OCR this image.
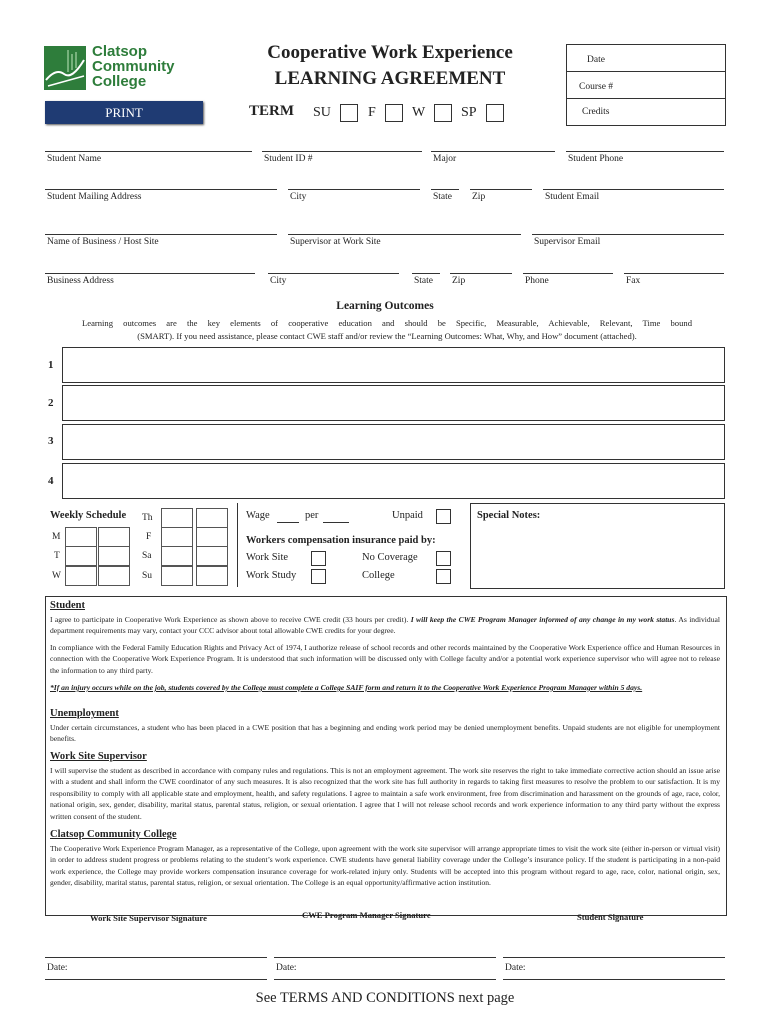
Clatsop
Community
College
PRINT
Cooperative Work Experience
LEARNING AGREEMENT
TERM SU	F	W	SP
Date
Course #
Credits
Student Name	Student ID #	Major	Student Phone
Student Mailing Address	City	State Zip	Student Email
Name of Business / Host Site	Supervisor at Work Site	Supervisor Email
Business Address	City	State Zip	Phone	Fax
Learning Outcomes
Learning outcomes are the key elements of cooperative education and should be Specific, Measurable, Achievable, Relevant, Time bound
(SMART). If you need assistance, please contact CWE staff and/or review the “Learning Outcomes: What, Why, and How” document (attached).
1
2
3
4
Weekly Schedule
M
T
W
Th
F
Sa
Su
Wage	per	Unpaid
Workers compensation insurance paid by:
Work Site	No Coverage
Work Study	College
Special Notes:
Student
I agree to participate in Cooperative Work Experience as shown above to receive CWE credit (33 hours per credit). I will keep the CWE Program Manager informed of any change in my work status. As individual department requirements may vary, contact your CCC advisor about total allowable CWE credits for your degree.
In compliance with the Federal Family Education Rights and Privacy Act of 1974, I authorize release of school records and other records maintained by the Cooperative Work Experience office and Human Resources in connection with the Cooperative Work Experience Program. It is understood that such information will be discussed only with College faculty and/or a potential work experience supervisor who will agree not to release the information to any third party.
*If an injury occurs while on the job, students covered by the College must complete a College SAIF form and return it to the Cooperative Work Experience Program Manager within 5 days.
Unemployment
Under certain circumstances, a student who has been placed in a CWE position that has a beginning and ending work period may be denied unemployment benefits. Unpaid students are not eligible for unemployment benefits.
Work Site Supervisor
I will supervise the student as described in accordance with company rules and regulations. This is not an employment agreement. The work site reserves the right to take immediate corrective action should an issue arise with a student and shall inform the CWE coordinator of any such measures. It is also recognized that the work site has full authority in regards to taking first measures to resolve the problem to our satisfaction. It is my responsibility to comply with all applicable state and employment, health, and safety regulations. I agree to maintain a safe work environment, free from discrimination and harassment on the grounds of age, race, color, national origin, sex, gender, disability, marital status, parental status, religion, or sexual orientation. I agree that I will not release school records and work experience information to any third party without the express written consent of the student.
Clatsop Community College
The Cooperative Work Experience Program Manager, as a representative of the College, upon agreement with the work site supervisor will arrange appropriate times to visit the work site (either in-person or virtual visit) in order to address student progress or problems relating to the student’s work experience. CWE students have general liability coverage under the College’s insurance policy. If the student is participating in a non-paid work experience, the College may provide workers compensation insurance coverage for work-related injury only. Students will be accepted into this program without regard to age, race, color, national origin, sex, gender, disability, marital status, parental status, religion, or sexual orientation. The College is an equal opportunity/affirmative action institution.
Work Site Supervisor Signature	CWE Program Manager Signature	Student Signature
Date:	Date:	Date:
See TERMS AND CONDITIONS next page
